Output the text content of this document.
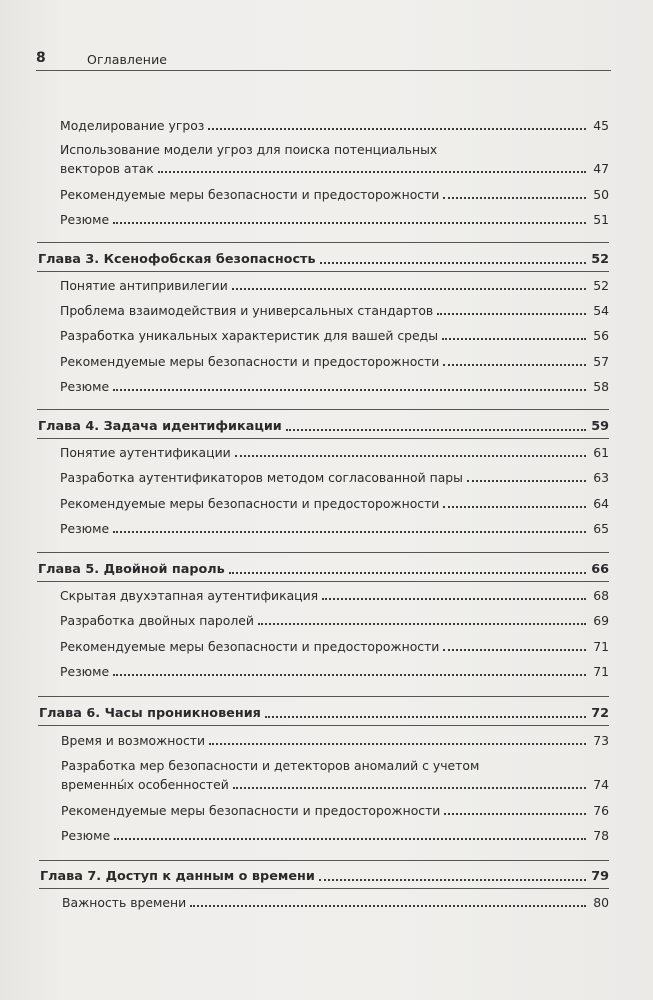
8	Оглавление
Моделирование угроз	45
Использование модели угроз для поиска потенциальных
векторов атак	47
Рекомендуемые меры безопасности и предосторожности	50
Резюме	51
Глава 3. Ксенофобская безопасность	52
Понятие антипривилегии	52
Проблема взаимодействия и универсальных стандартов	54
Разработка уникальных характеристик для вашей среды	56
Рекомендуемые меры безопасности и предосторожности	57
Резюме	58
Глава 4. Задача идентификации	59
Понятие аутентификации	61
Разработка аутентификаторов методом согласованной пары	63
Рекомендуемые меры безопасности и предосторожности	64
Резюме	65
Глава 5. Двойной пароль	66
Скрытая двухэтапная аутентификация	68
Разработка двойных паролей	69
Рекомендуемые меры безопасности и предосторожности	71
Резюме	71
Глава 6. Часы проникновения	72
Время и возможности	73
Разработка мер безопасности и детекторов аномалий с учетом
временны́х особенностей	74
Рекомендуемые меры безопасности и предосторожности	76
Резюме	78
Глава 7. Доступ к данным о времени	79
Важность времени	80
